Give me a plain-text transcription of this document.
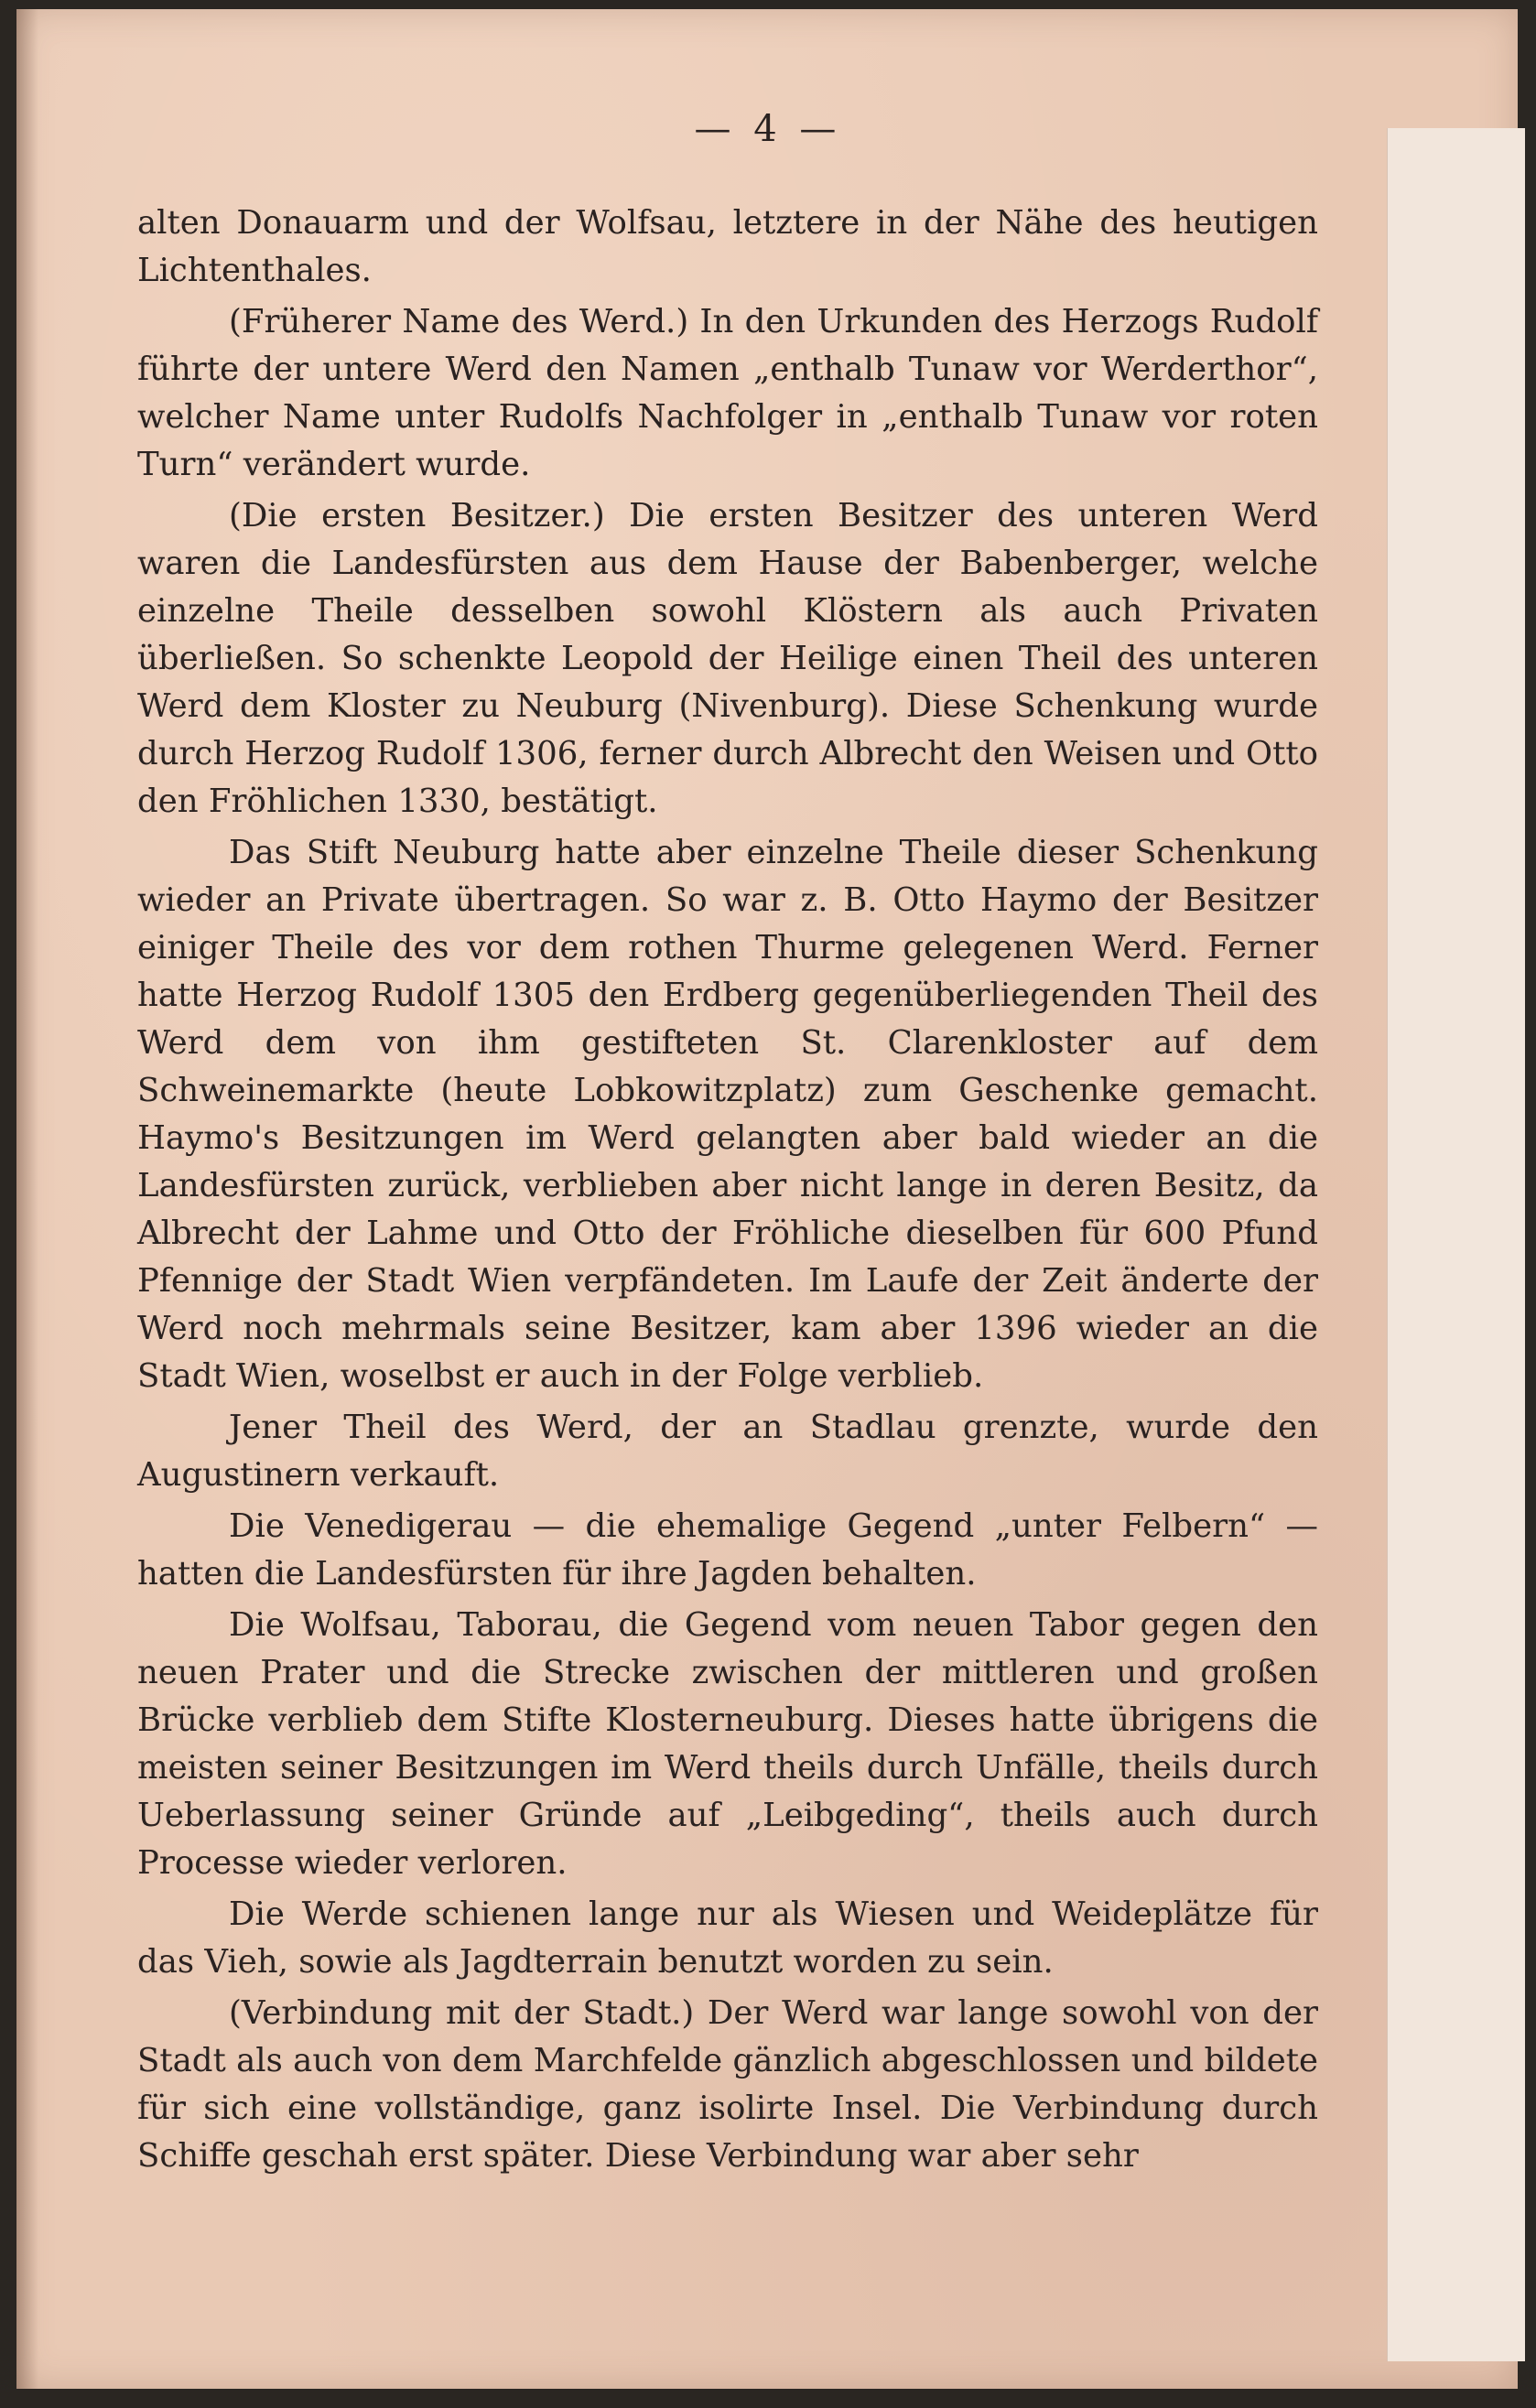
— 4 —

alten Donauarm und der Wolfsau, letztere in der Nähe des heutigen Lichtenthales.

(Früherer Name des Werd.) In den Urkunden des Herzogs Rudolf führte der untere Werd den Namen „enthalb Tunaw vor Werderthor“, welcher Name unter Rudolfs Nachfolger in „enthalb Tunaw vor roten Turn“ verändert wurde.

(Die ersten Besitzer.) Die ersten Besitzer des unteren Werd waren die Landesfürsten aus dem Hause der Babenberger, welche einzelne Theile desselben sowohl Klöstern als auch Privaten überließen. So schenkte Leopold der Heilige einen Theil des unteren Werd dem Kloster zu Neuburg (Nivenburg). Diese Schenkung wurde durch Herzog Rudolf 1306, ferner durch Albrecht den Weisen und Otto den Fröhlichen 1330, bestätigt.

Das Stift Neuburg hatte aber einzelne Theile dieser Schenkung wieder an Private übertragen. So war z. B. Otto Haymo der Besitzer einiger Theile des vor dem rothen Thurme gelegenen Werd. Ferner hatte Herzog Rudolf 1305 den Erdberg gegenüberliegenden Theil des Werd dem von ihm gestifteten St. Clarenkloster auf dem Schweinemarkte (heute Lobkowitzplatz) zum Geschenke gemacht. Haymo's Besitzungen im Werd gelangten aber bald wieder an die Landesfürsten zurück, verblieben aber nicht lange in deren Besitz, da Albrecht der Lahme und Otto der Fröhliche dieselben für 600 Pfund Pfennige der Stadt Wien verpfändeten. Im Laufe der Zeit änderte der Werd noch mehrmals seine Besitzer, kam aber 1396 wieder an die Stadt Wien, woselbst er auch in der Folge verblieb.

Jener Theil des Werd, der an Stadlau grenzte, wurde den Augustinern verkauft.

Die Venedigerau — die ehemalige Gegend „unter Felbern“ — hatten die Landesfürsten für ihre Jagden behalten.

Die Wolfsau, Taborau, die Gegend vom neuen Tabor gegen den neuen Prater und die Strecke zwischen der mittleren und großen Brücke verblieb dem Stifte Klosterneuburg. Dieses hatte übrigens die meisten seiner Besitzungen im Werd theils durch Unfälle, theils durch Ueberlassung seiner Gründe auf „Leibgeding“, theils auch durch Processe wieder verloren.

Die Werde schienen lange nur als Wiesen und Weideplätze für das Vieh, sowie als Jagdterrain benutzt worden zu sein.

(Verbindung mit der Stadt.) Der Werd war lange sowohl von der Stadt als auch von dem Marchfelde gänzlich abgeschlossen und bildete für sich eine vollständige, ganz isolirte Insel. Die Verbindung durch Schiffe geschah erst später. Diese Verbindung war aber sehr
